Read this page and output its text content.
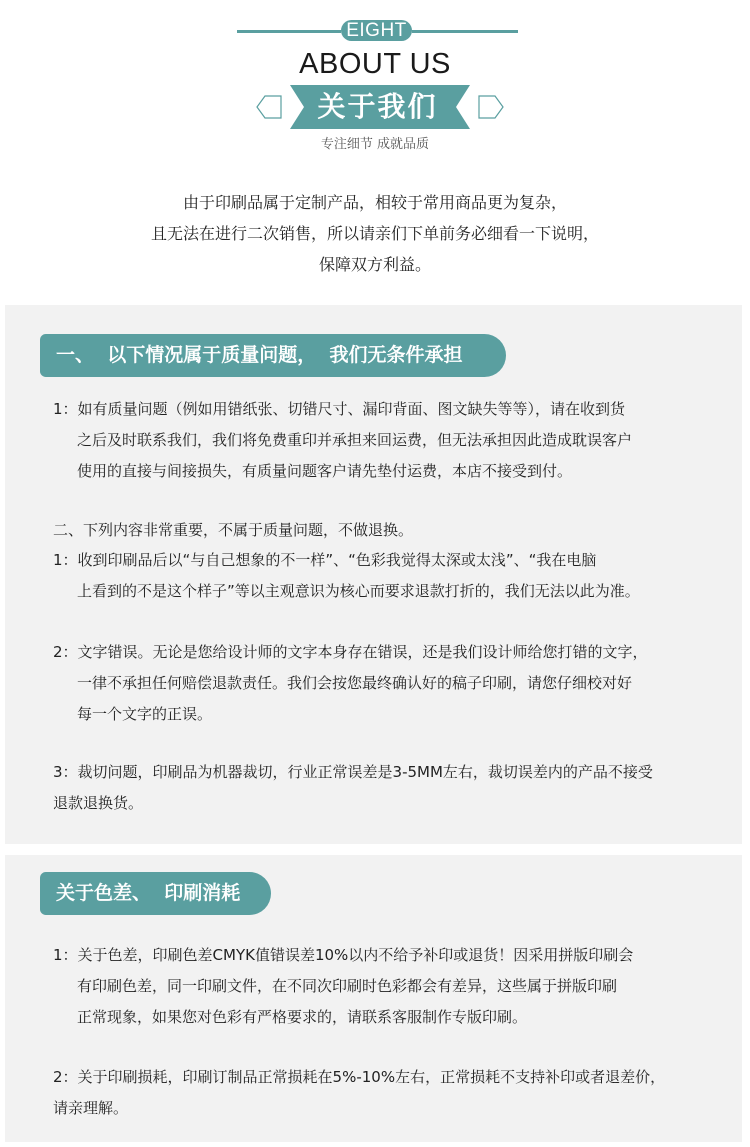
EIGHT
ABOUT US
关于我们
专注细节 成就品质
由于印刷品属于定制产品，相较于常用商品更为复杂，
且无法在进行二次销售，所以请亲们下单前务必细看一下说明，
保障双方利益。
一、  以下情况属于质量问题，  我们无条件承担
1：如有质量问题（例如用错纸张、切错尺寸、漏印背面、图文缺失等等），请在收到货
之后及时联系我们，我们将免费重印并承担来回运费，但无法承担因此造成耽误客户
使用的直接与间接损失，有质量问题客户请先垫付运费，本店不接受到付。
二、下列内容非常重要，不属于质量问题，不做退换。
1：收到印刷品后以“与自己想象的不一样”、“色彩我觉得太深或太浅”、“我在电脑
上看到的不是这个样子”等以主观意识为核心而要求退款打折的，我们无法以此为准。
2：文字错误。无论是您给设计师的文字本身存在错误，还是我们设计师给您打错的文字，
一律不承担任何赔偿退款责任。我们会按您最终确认好的稿子印刷，请您仔细校对好
每一个文字的正误。
3：裁切问题，印刷品为机器裁切，行业正常误差是3-5MM左右，裁切误差内的产品不接受
退款退换货。
关于色差、  印刷消耗
1：关于色差，印刷色差CMYK值错误差10%以内不给予补印或退货！因采用拼版印刷会
有印刷色差，同一印刷文件，在不同次印刷时色彩都会有差异，这些属于拼版印刷
正常现象，如果您对色彩有严格要求的，请联系客服制作专版印刷。
2：关于印刷损耗，印刷订制品正常损耗在5%-10%左右，正常损耗不支持补印或者退差价，
请亲理解。
